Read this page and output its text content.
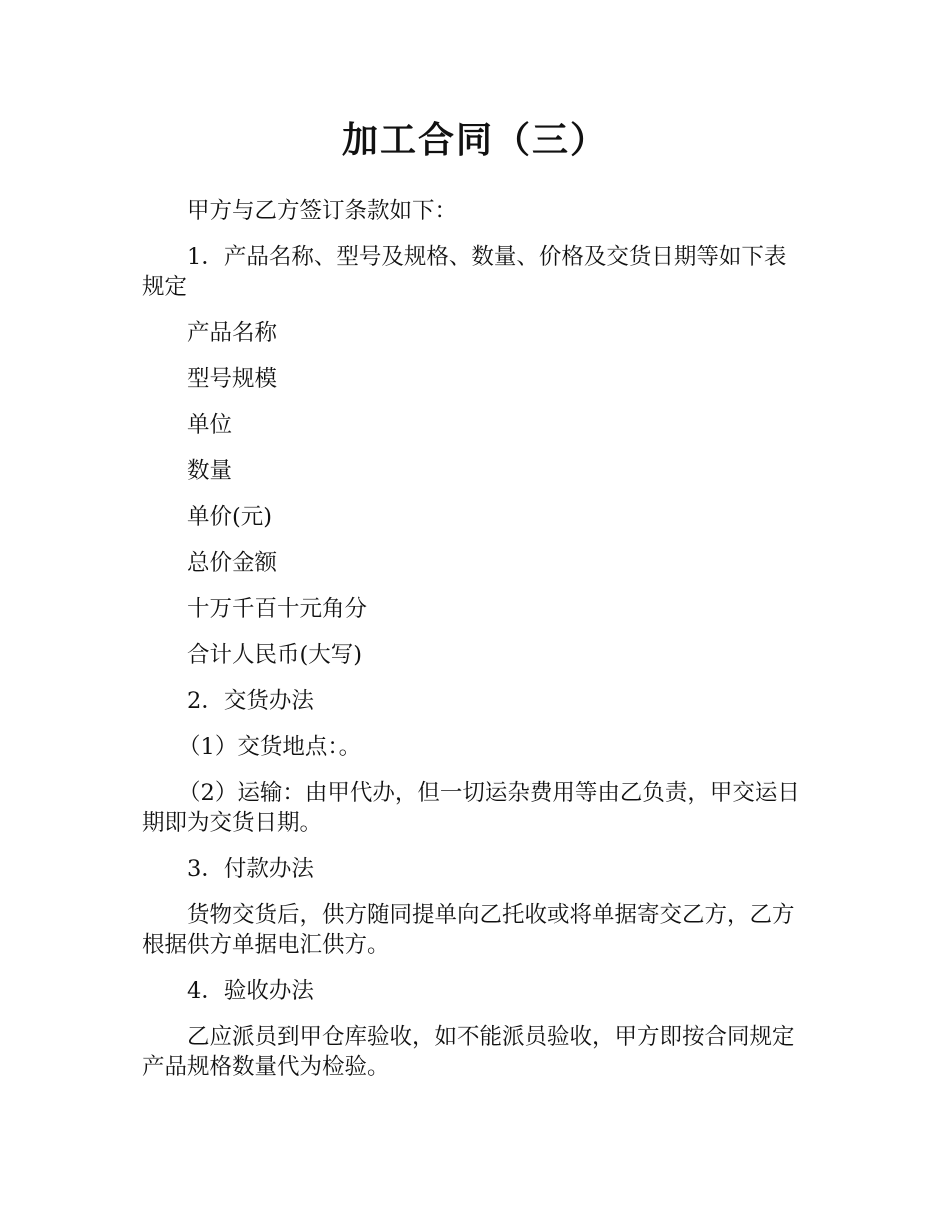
加工合同（三）

甲方与乙方签订条款如下：

1．产品名称、型号及规格、数量、价格及交货日期等如下表规定

产品名称

型号规模

单位

数量

单价(元)

总价金额

十万千百十元角分

合计人民币(大写)

2．交货办法

（1）交货地点：。

（2）运输：由甲代办，但一切运杂费用等由乙负责，甲交运日期即为交货日期。

3．付款办法

货物交货后，供方随同提单向乙托收或将单据寄交乙方，乙方根据供方单据电汇供方。

4．验收办法

乙应派员到甲仓库验收，如不能派员验收，甲方即按合同规定产品规格数量代为检验。
